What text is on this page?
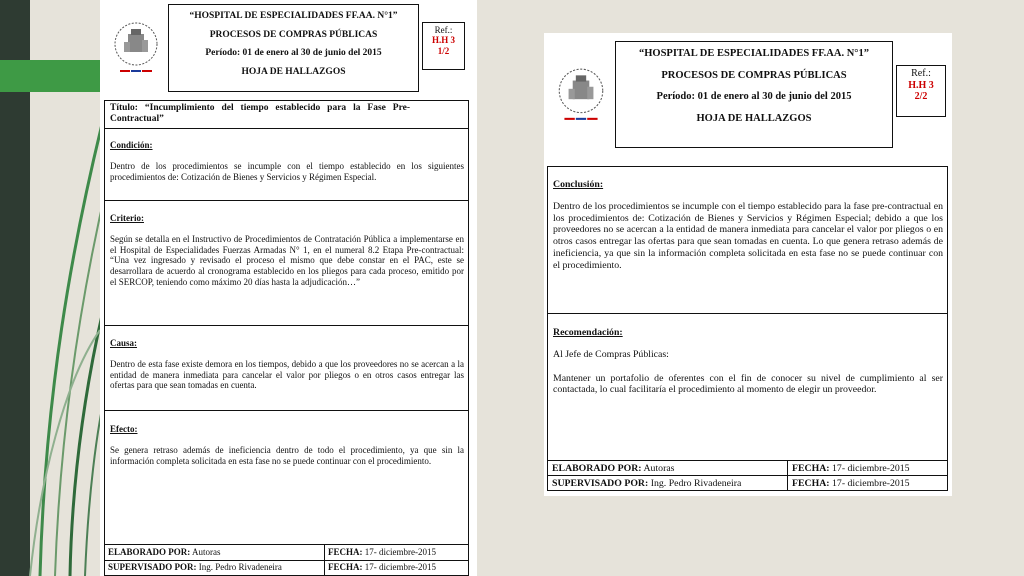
“HOSPITAL DE ESPECIALIDADES FF.AA. N°1”
PROCESOS DE COMPRAS PÚBLICAS
Período: 01 de enero al 30 de junio del 2015
HOJA DE HALLAZGOS
Ref.:
H.H 3
1/2
Título: “Incumplimiento del tiempo establecido para la Fase Pre-Contractual”
Condición:

Dentro de los procedimientos se incumple con el tiempo establecido en los siguientes procedimientos de: Cotización de Bienes y Servicios y Régimen Especial.

Criterio:

Según se detalla en el Instructivo de Procedimientos de Contratación Pública a implementarse en el Hospital de Especialidades Fuerzas Armadas N° 1, en el numeral 8.2 Etapa Pre-contractual: “Una vez ingresado y revisado el proceso el mismo que debe constar en el PAC, este se desarrollara de acuerdo al cronograma establecido en los pliegos para cada proceso, emitido por el SERCOP, teniendo como máximo 20 días hasta la adjudicación…”

Causa:

Dentro de esta fase existe demora en los tiempos, debido a que los proveedores no se acercan a la entidad de manera inmediata para cancelar el valor por pliegos o en otros casos entregar las ofertas para que sean tomadas en cuenta.

Efecto:

Se genera retraso además de ineficiencia dentro de todo el procedimiento, ya que sin la información completa solicitada en esta fase no se puede continuar con el procedimiento.

ELABORADO POR: Autoras	FECHA: 17- diciembre-2015
SUPERVISADO POR: Ing. Pedro Rivadeneira	FECHA: 17- diciembre-2015
“HOSPITAL DE ESPECIALIDADES FF.AA. N°1”
PROCESOS DE COMPRAS PÚBLICAS
Período: 01 de enero al 30 de junio del 2015
HOJA DE HALLAZGOS
Ref.:
H.H 3
2/2
Conclusión:

Dentro de los procedimientos se incumple con el tiempo establecido para la fase pre-contractual en los procedimientos de: Cotización de Bienes y Servicios y Régimen Especial; debido a que los proveedores no se acercan a la entidad de manera inmediata para cancelar el valor por pliegos o en otros casos entregar las ofertas para que sean tomadas en cuenta. Lo que genera retraso además de ineficiencia, ya que sin la información completa solicitada en esta fase no se puede continuar con el procedimiento.

Recomendación:

Al Jefe de Compras Públicas:

Mantener un portafolio de oferentes con el fin de conocer su nivel de cumplimiento al ser contactada, lo cual facilitaría el procedimiento al momento de elegir un proveedor.

ELABORADO POR: Autoras	FECHA: 17- diciembre-2015
SUPERVISADO POR: Ing. Pedro Rivadeneira	FECHA: 17- diciembre-2015
